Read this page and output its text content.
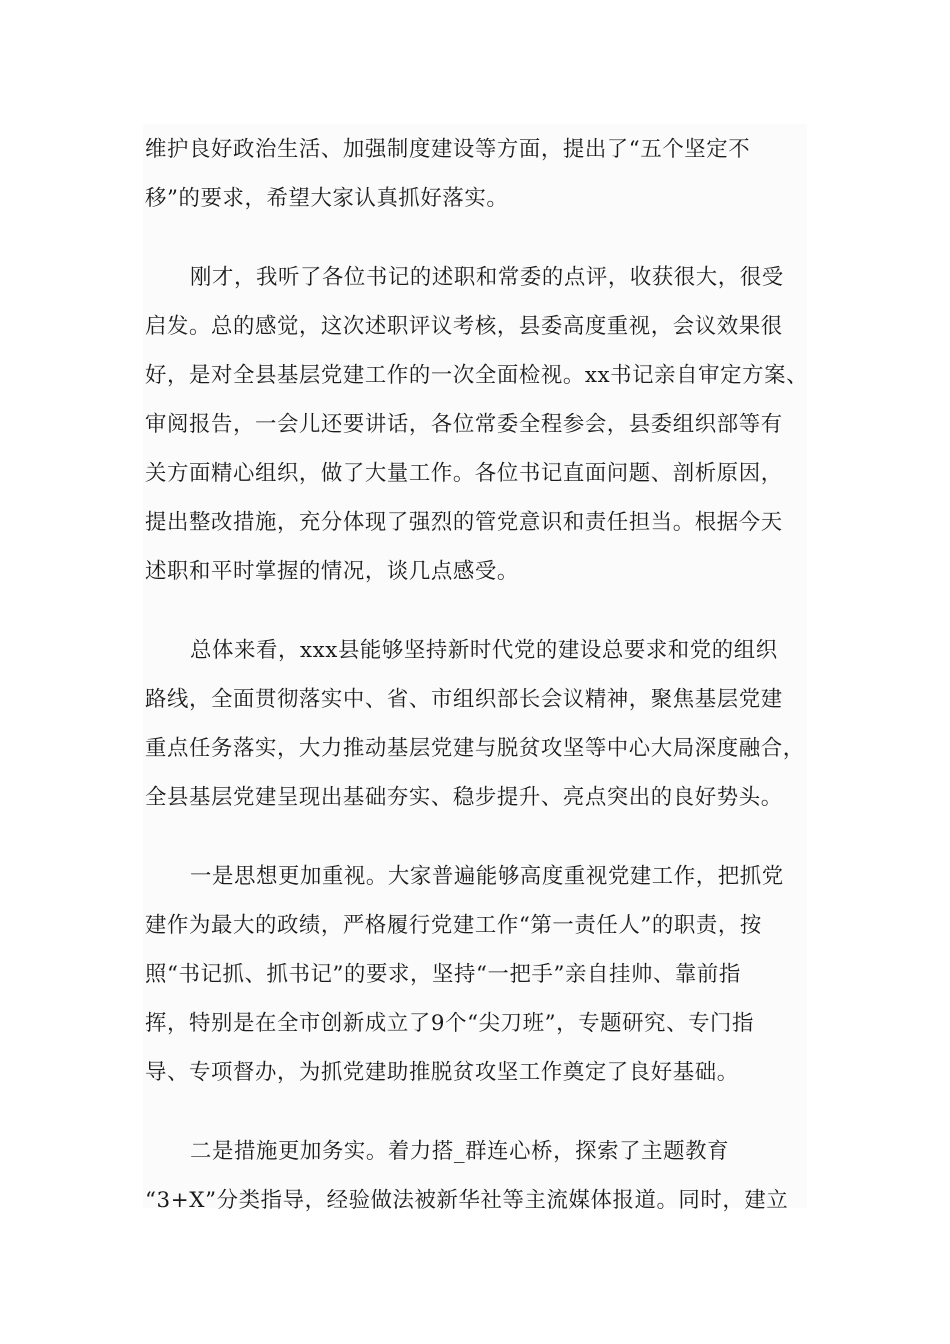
维护良好政治生活、加强制度建设等方面，提出了“五个坚定不
移”的要求，希望大家认真抓好落实。
刚才，我听了各位书记的述职和常委的点评，收获很大，很受
启发。总的感觉，这次述职评议考核，县委高度重视，会议效果很
好，是对全县基层党建工作的一次全面检视。xx书记亲自审定方案、
审阅报告，一会儿还要讲话，各位常委全程参会，县委组织部等有
关方面精心组织，做了大量工作。各位书记直面问题、剖析原因，
提出整改措施，充分体现了强烈的管党意识和责任担当。根据今天
述职和平时掌握的情况，谈几点感受。
总体来看，xxx县能够坚持新时代党的建设总要求和党的组织
路线，全面贯彻落实中、省、市组织部长会议精神，聚焦基层党建
重点任务落实，大力推动基层党建与脱贫攻坚等中心大局深度融合，
全县基层党建呈现出基础夯实、稳步提升、亮点突出的良好势头。
一是思想更加重视。大家普遍能够高度重视党建工作，把抓党
建作为最大的政绩，严格履行党建工作“第一责任人”的职责，按
照“书记抓、抓书记”的要求，坚持“一把手”亲自挂帅、靠前指
挥，特别是在全市创新成立了9个“尖刀班”，专题研究、专门指
导、专项督办，为抓党建助推脱贫攻坚工作奠定了良好基础。
二是措施更加务实。着力搭_群连心桥，探索了主题教育
“3+X”分类指导，经验做法被新华社等主流媒体报道。同时，建立
